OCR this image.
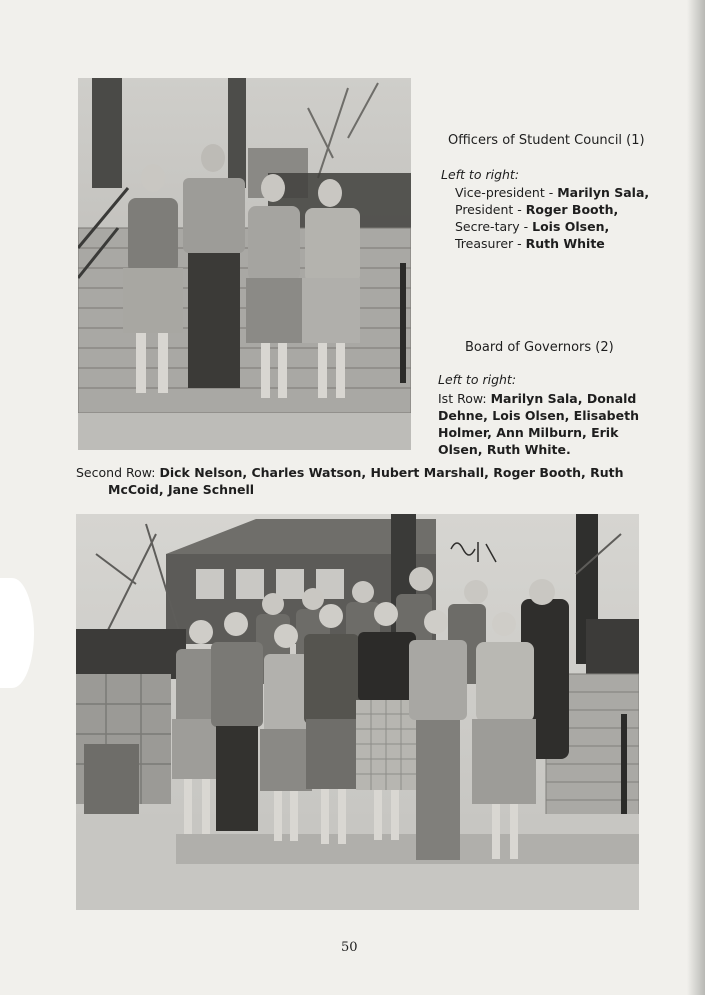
Officers of Student Council (1)
Left to right:
Vice-president - Marilyn Sala, President - Roger Booth, Secre-tary - Lois Olsen, Treasurer - Ruth White
Board of Governors (2)
Left to right:
Ist Row: Marilyn Sala, Donald Dehne, Lois Olsen, Elisabeth Holmer, Ann Milburn, Erik Olsen, Ruth White.
Second Row: Dick Nelson, Charles Watson, Hubert Marshall, Roger Booth, Ruth
McCoid, Jane Schnell
50
